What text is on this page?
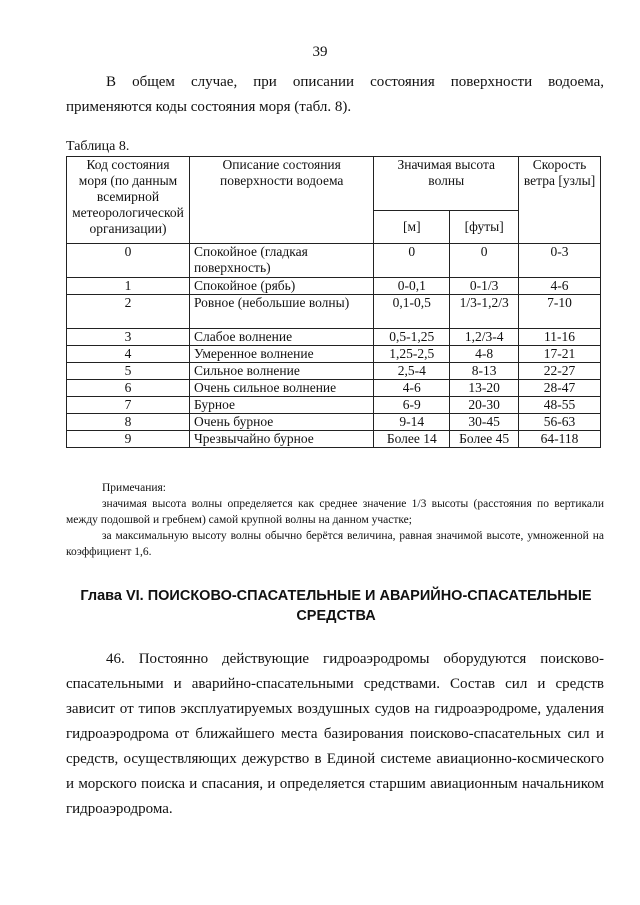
39

В общем случае, при описании состояния поверхности водоема, применяются коды состояния моря (табл. 8).

Таблица 8.
Код состояния моря (по данным всемирной метеорологической организации)	Описание состояния поверхности водоема	Значимая высота волны		Скорость ветра [узлы]
		[м]	[футы]	
0	Спокойное (гладкая поверхность)	0	0	0-3
1	Спокойное (рябь)	0-0,1	0-1/3	4-6
2	Ровное (небольшие волны)	0,1-0,5	1/3-1,2/3	7-10
3	Слабое волнение	0,5-1,25	1,2/3-4	11-16
4	Умеренное волнение	1,25-2,5	4-8	17-21
5	Сильное волнение	2,5-4	8-13	22-27
6	Очень сильное волнение	4-6	13-20	28-47
7	Бурное	6-9	20-30	48-55
8	Очень бурное	9-14	30-45	56-63
9	Чрезвычайно бурное	Более 14	Более 45	64-118

Примечания:

значимая высота волны определяется как среднее значение 1/3 высоты (расстояния по вертикали между подошвой и гребнем) самой крупной волны на данном участке;

за максимальную высоту волны обычно берётся величина, равная значимой высоте, умноженной на коэффициент 1,6.

Глава VI. ПОИСКОВО-СПАСАТЕЛЬНЫЕ И АВАРИЙНО-СПАСАТЕЛЬНЫЕ СРЕДСТВА

46. Постоянно действующие гидроаэродромы оборудуются поисково-спасательными и аварийно-спасательными средствами. Состав сил и средств зависит от типов эксплуатируемых воздушных судов на гидроаэродроме, удаления гидроаэродрома от ближайшего места базирования поисково-спасательных сил и средств, осуществляющих дежурство в Единой системе авиационно-космического и морского поиска и спасания, и определяется старшим авиационным начальником гидроаэродрома.
